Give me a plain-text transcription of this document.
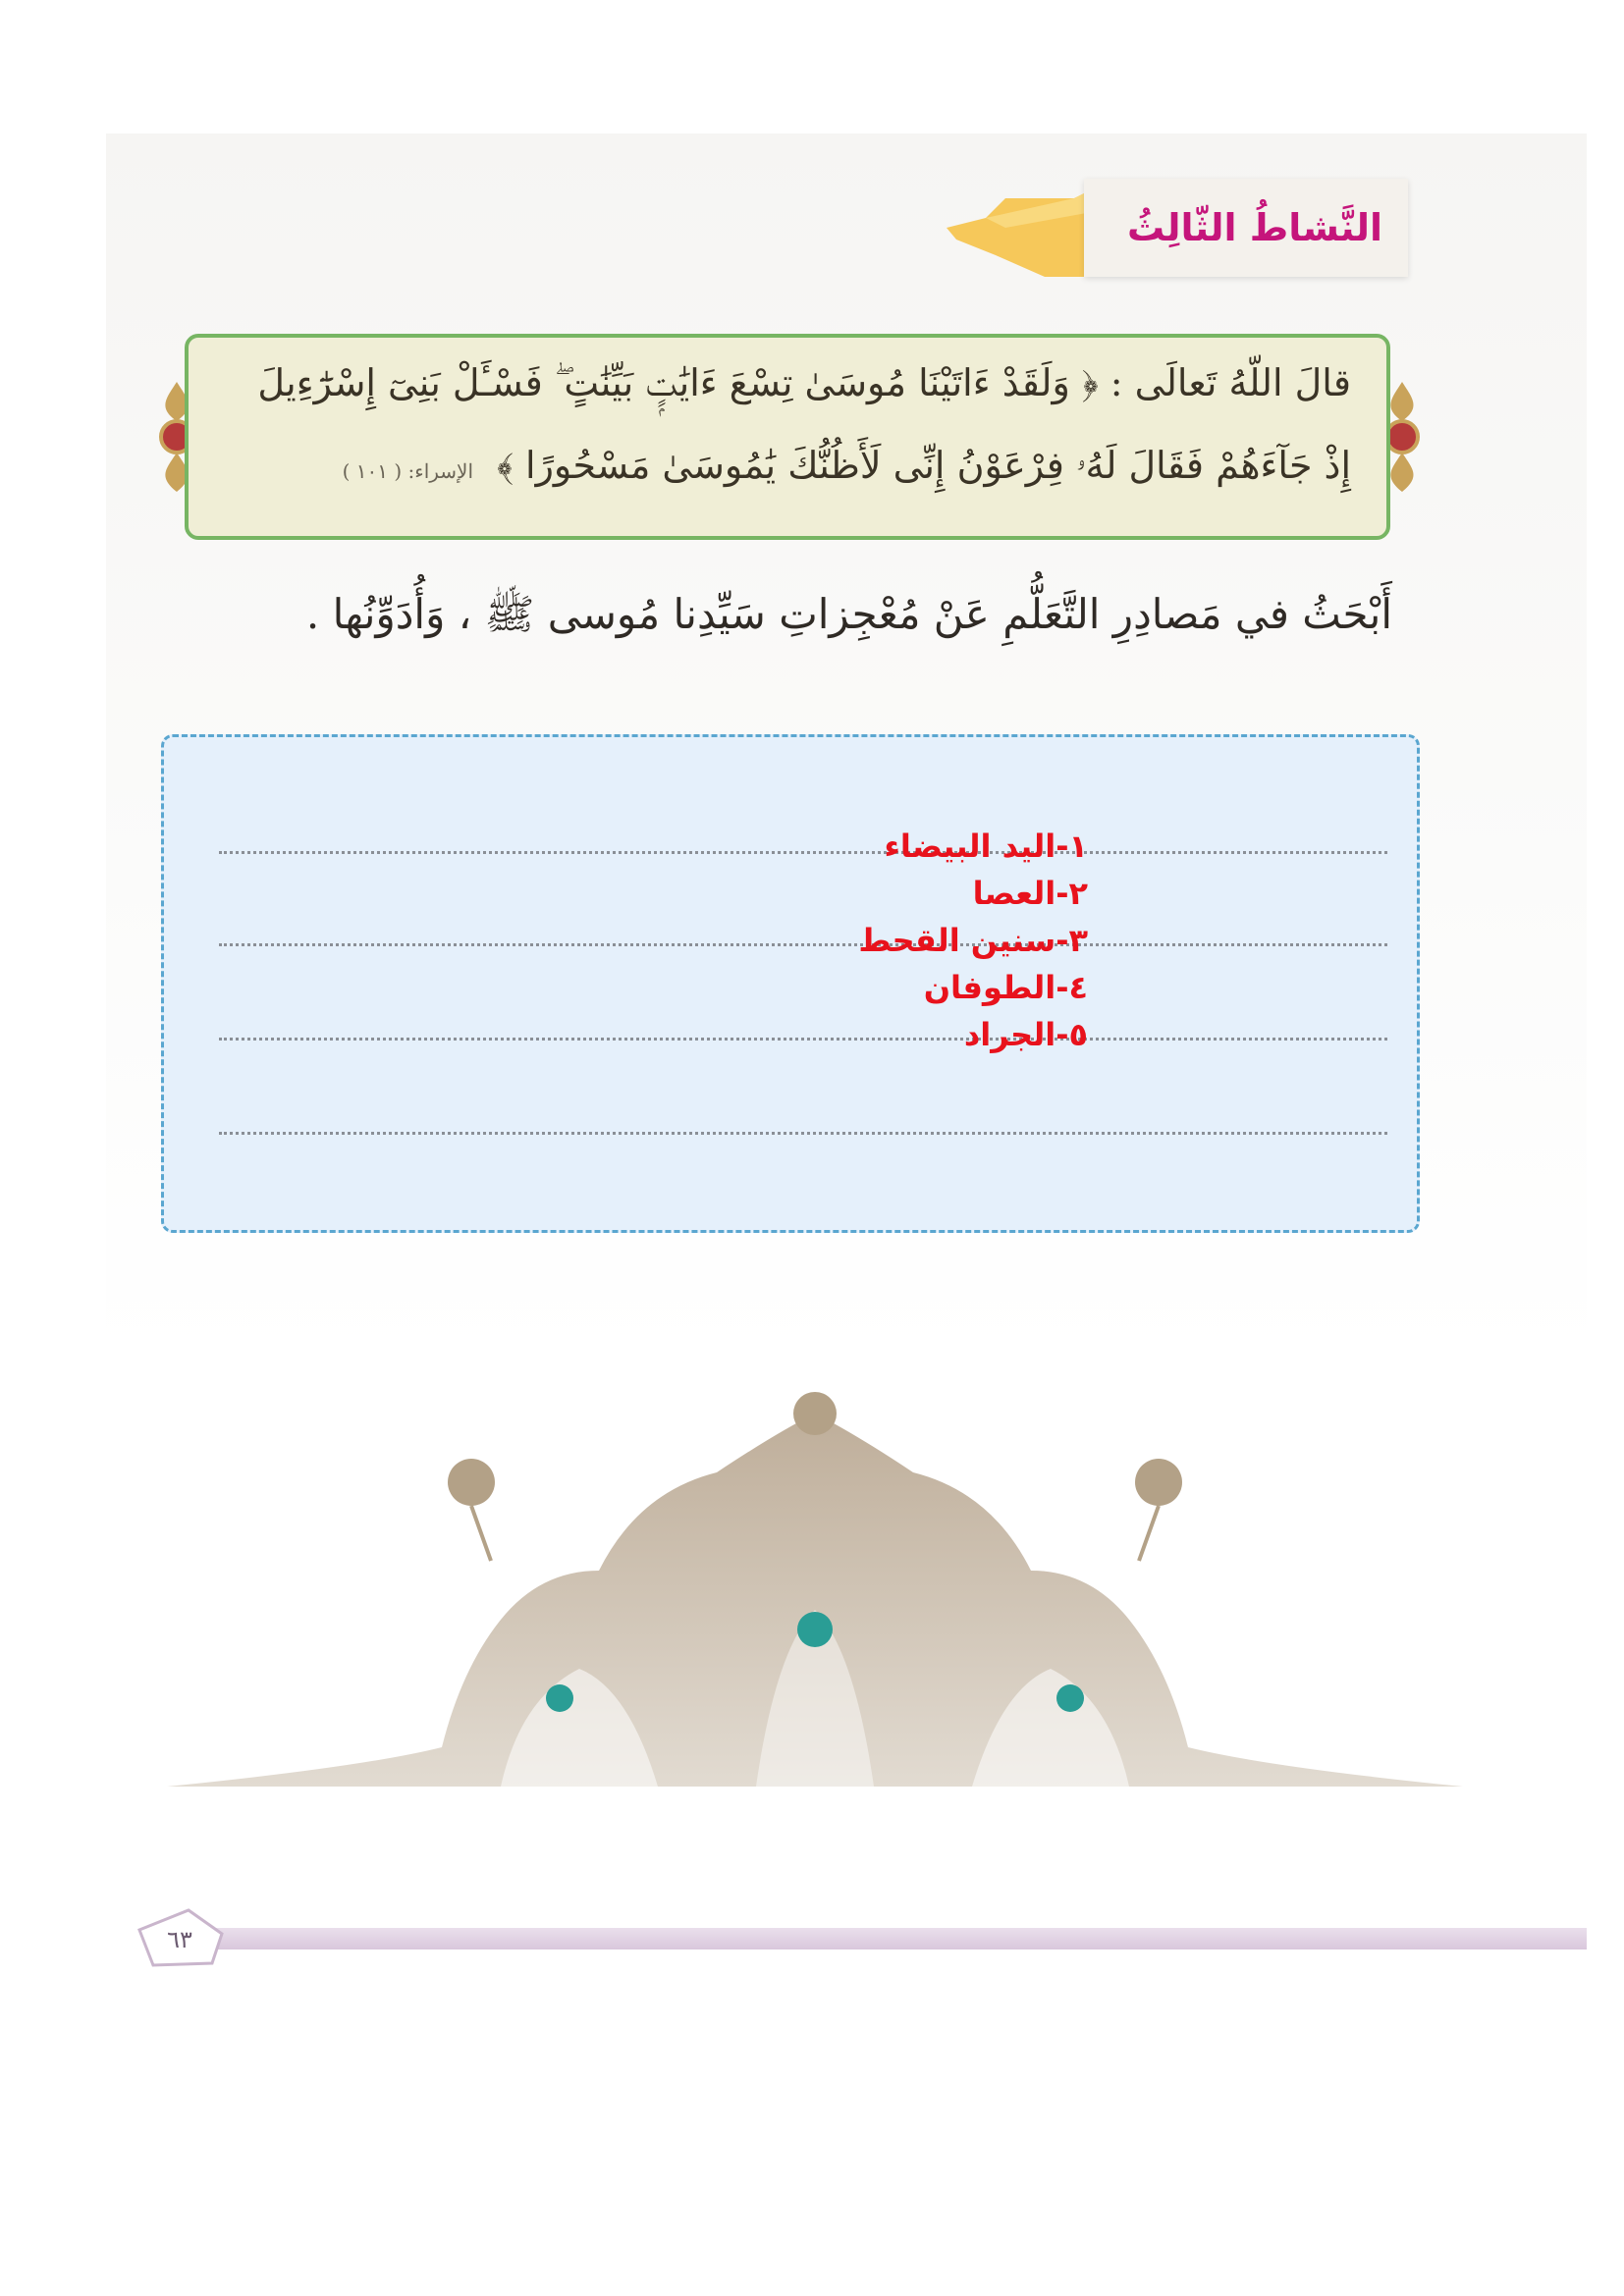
النَّشاطُ الثّالِثُ
قالَ اللّهُ تَعالَى : ﴿ وَلَقَدْ ءَاتَيْنَا مُوسَىٰ تِسْعَ ءَايَٰتٍۭ بَيِّنَٰتٍ ۖ فَسْـَٔلْ بَنِىٓ إِسْرَٰٓءِيلَ
إِذْ جَآءَهُمْ فَقَالَ لَهُۥ فِرْعَوْنُ إِنِّى لَأَظُنُّكَ يَٰمُوسَىٰ مَسْحُورًا ﴾ الإسراء: ( ١٠١ )
أَبْحَثُ في مَصادِرِ التَّعَلُّمِ عَنْ مُعْجِزاتِ سَيِّدِنا مُوسى ﷺ ، وَأُدَوِّنُها .
١-اليد البيضاء
٢-العصا
٣-سنين القحط
٤-الطوفان
٥-الجراد
٦٣
